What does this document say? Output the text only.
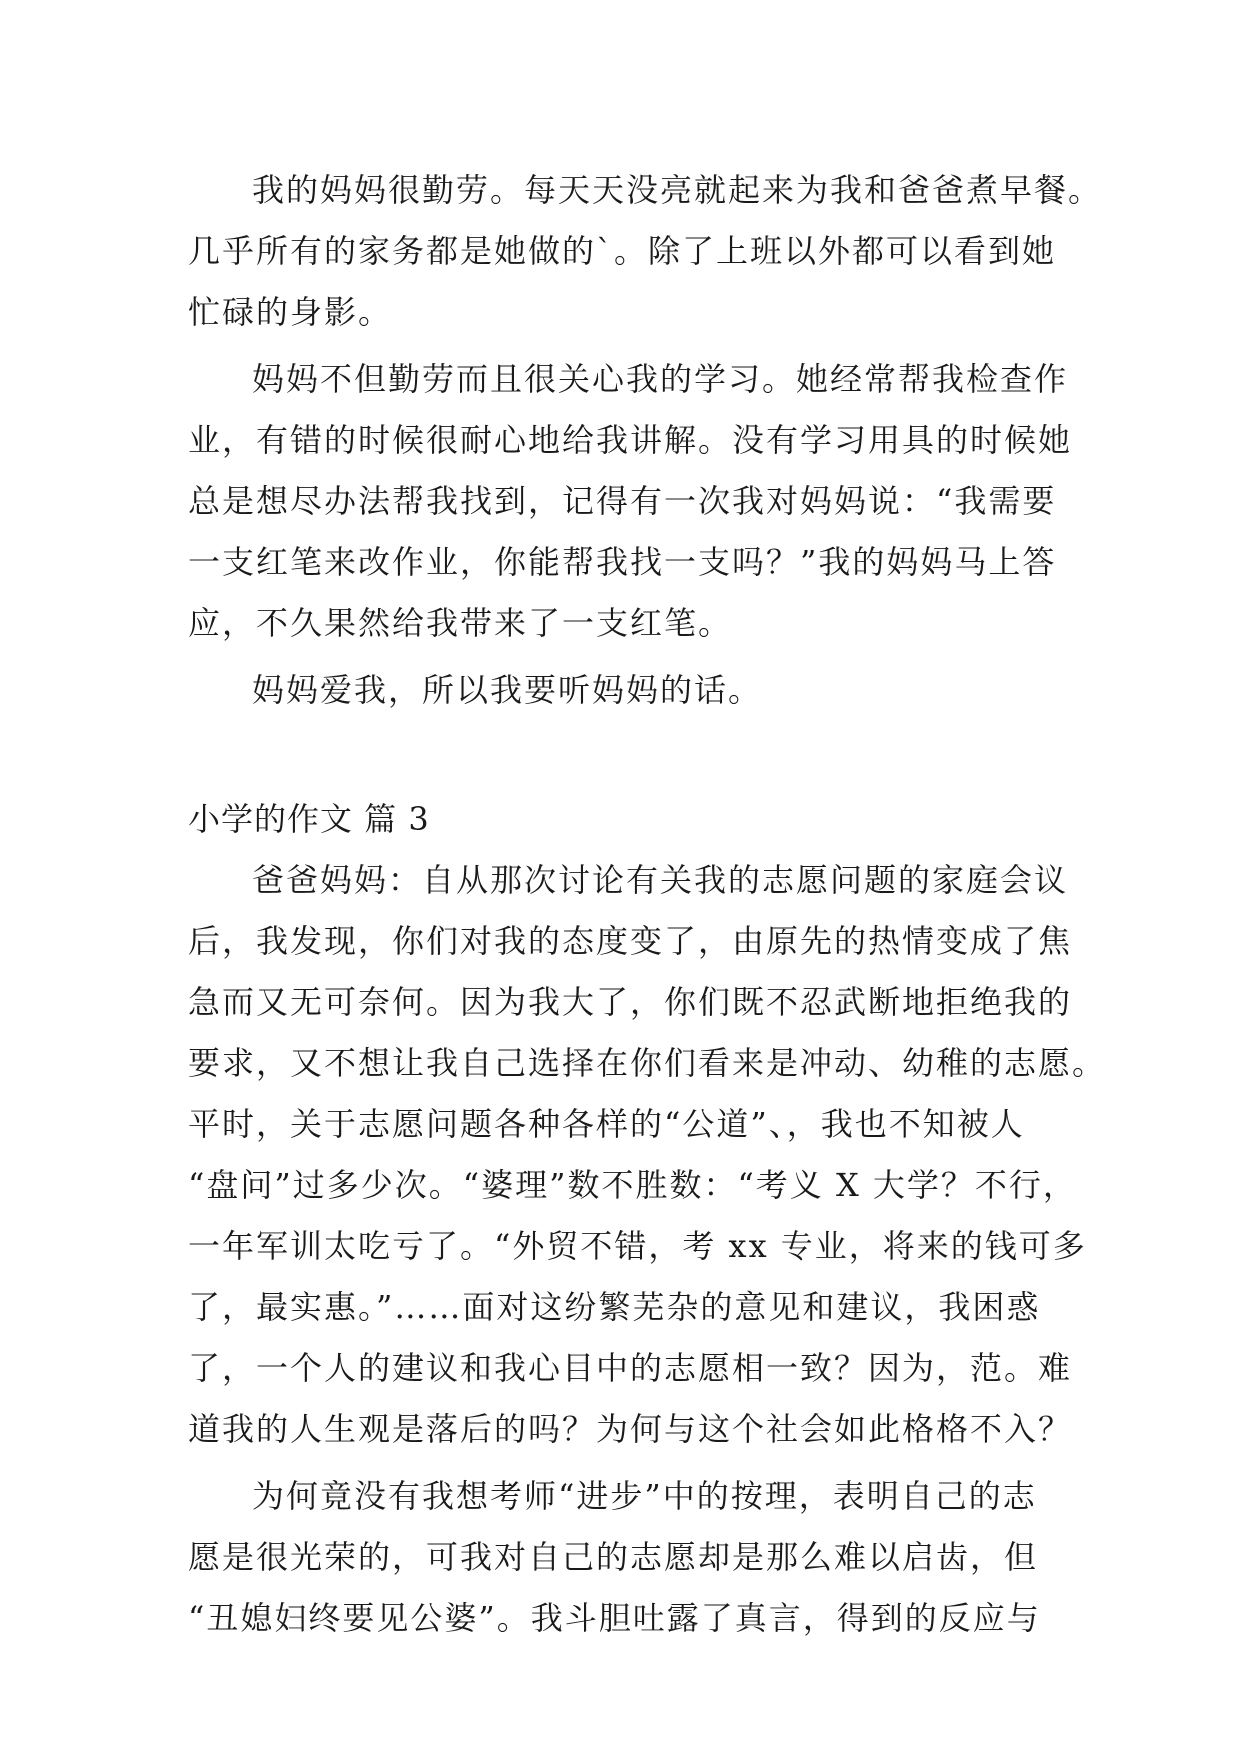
我的妈妈很勤劳。每天天没亮就起来为我和爸爸煮早餐。
几乎所有的家务都是她做的`。除了上班以外都可以看到她
忙碌的身影。
妈妈不但勤劳而且很关心我的学习。她经常帮我检查作
业，有错的时候很耐心地给我讲解。没有学习用具的时候她
总是想尽办法帮我找到，记得有一次我对妈妈说：“我需要
一支红笔来改作业，你能帮我找一支吗？”我的妈妈马上答
应，不久果然给我带来了一支红笔。
妈妈爱我，所以我要听妈妈的话。
小学的作文 篇 3
爸爸妈妈：自从那次讨论有关我的志愿问题的家庭会议
后，我发现，你们对我的态度变了，由原先的热情变成了焦
急而又无可奈何。因为我大了，你们既不忍武断地拒绝我的
要求，又不想让我自己选择在你们看来是冲动、幼稚的志愿。
平时，关于志愿问题各种各样的“公道”、，我也不知被人
“盘问”过多少次。“婆理”数不胜数：“考义 X 大学？不行，
一年军训太吃亏了。“外贸不错，考 xx 专业，将来的钱可多
了，最实惠。”……面对这纷繁芜杂的意见和建议，我困惑
了，一个人的建议和我心目中的志愿相一致？因为，范。难
道我的人生观是落后的吗？为何与这个社会如此格格不入？
为何竟没有我想考师“进步”中的按理，表明自己的志
愿是很光荣的，可我对自己的志愿却是那么难以启齿，但
“丑媳妇终要见公婆”。我斗胆吐露了真言，得到的反应与
